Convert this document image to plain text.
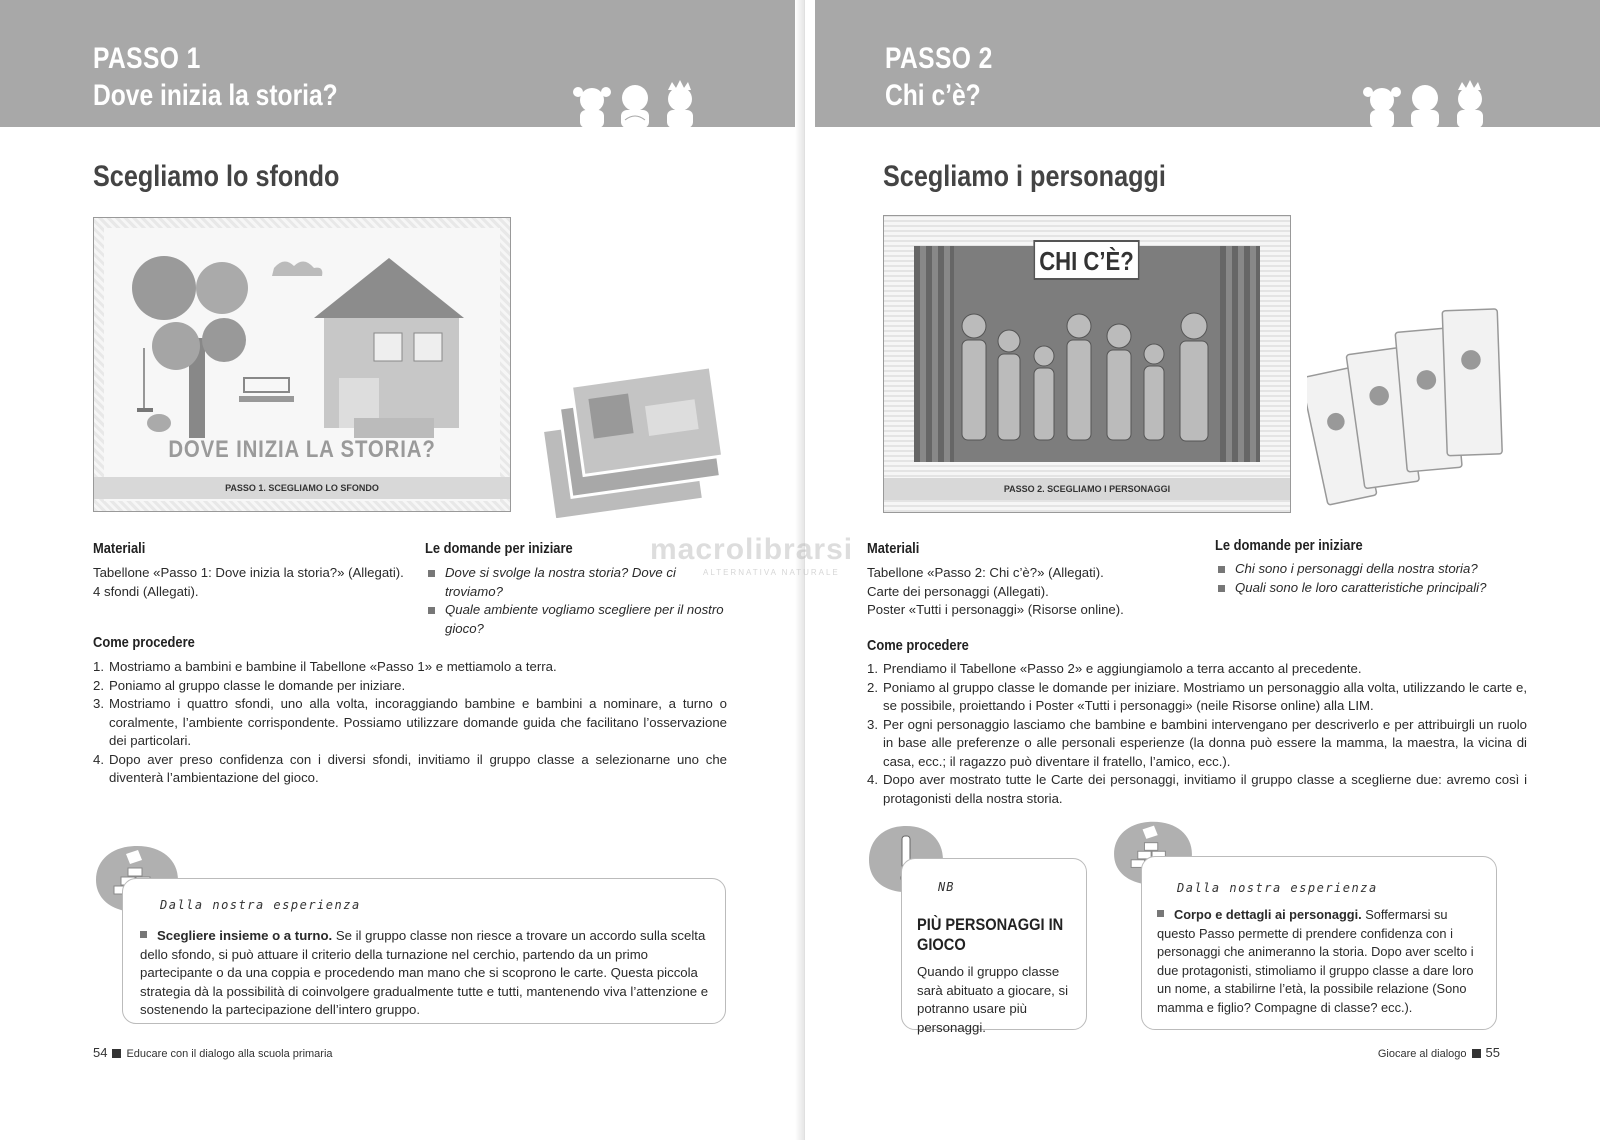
PASSO 1
Dove inizia la storia?
Scegliamo lo sfondo
DOVE INIZIA LA STORIA?
PASSO 1. SCEGLIAMO LO SFONDO
Materiali
Tabellone «Passo 1: Dove inizia la storia?» (Allegati).
4 sfondi (Allegati).
Le domande per iniziare
Dove si svolge la nostra storia? Dove ci troviamo?
Quale ambiente vogliamo scegliere per il nostro gioco?
Come procedere
1. Mostriamo a bambini e bambine il Tabellone «Passo 1» e mettiamolo a terra.
2. Poniamo al gruppo classe le domande per iniziare.
3. Mostriamo i quattro sfondi, uno alla volta, incoraggiando bambine e bambini a nominare, a turno o coralmente, l’ambiente corrispondente. Possiamo utilizzare domande guida che facilitano l’osservazione dei particolari.
4. Dopo aver preso confidenza con i diversi sfondi, invitiamo il gruppo classe a selezionarne uno che diventerà l’ambientazione del gioco.
Dalla nostra esperienza
Scegliere insieme o a turno. Se il gruppo classe non riesce a trovare un accordo sulla scelta dello sfondo, si può attuare il criterio della turnazione nel cerchio, partendo da un primo partecipante o da una coppia e procedendo man mano che si scoprono le carte. Questa piccola strategia dà la possibilità di coinvolgere gradualmente tutte e tutti, mantenendo viva l’attenzione e sostenendo la partecipazione dell’intero gruppo.
54 Educare con il dialogo alla scuola primaria
PASSO 2
Chi c’è?
Scegliamo i personaggi
CHI C’È?
PASSO 2. SCEGLIAMO I PERSONAGGI
Materiali
Tabellone «Passo 2: Chi c’è?» (Allegati).
Carte dei personaggi (Allegati).
Poster «Tutti i personaggi» (Risorse online).
Le domande per iniziare
Chi sono i personaggi della nostra storia?
Quali sono le loro caratteristiche principali?
Come procedere
1. Prendiamo il Tabellone «Passo 2» e aggiungiamolo a terra accanto al precedente.
2. Poniamo al gruppo classe le domande per iniziare. Mostriamo un personaggio alla volta, utilizzando le carte e, se possibile, proiettando i Poster «Tutti i personaggi» (neile Risorse online) alla LIM.
3. Per ogni personaggio lasciamo che bambine e bambini intervengano per descriverlo e per attribuirgli un ruolo in base alle preferenze o alle personali esperienze (la donna può essere la mamma, la maestra, la vicina di casa, ecc.; il ragazzo può diventare il fratello, l’amico, ecc.).
4. Dopo aver mostrato tutte le Carte dei personaggi, invitiamo il gruppo classe a sceglierne due: avremo così i protagonisti della nostra storia.
NB
PIÙ PERSONAGGI IN GIOCO
Quando il gruppo classe sarà abituato a giocare, si potranno usare più personaggi.
Dalla nostra esperienza
Corpo e dettagli ai personaggi. Soffermarsi su questo Passo permette di prendere confidenza con i personaggi che animeranno la storia. Dopo aver scelto i due protagonisti, stimoliamo il gruppo classe a dare loro un nome, a stabilirne l’età, la possibile relazione (Sono mamma e figlio? Compagne di classe? ecc.).
Giocare al dialogo 55
macrolibrarsi
ALTERNATIVA NATURALE
